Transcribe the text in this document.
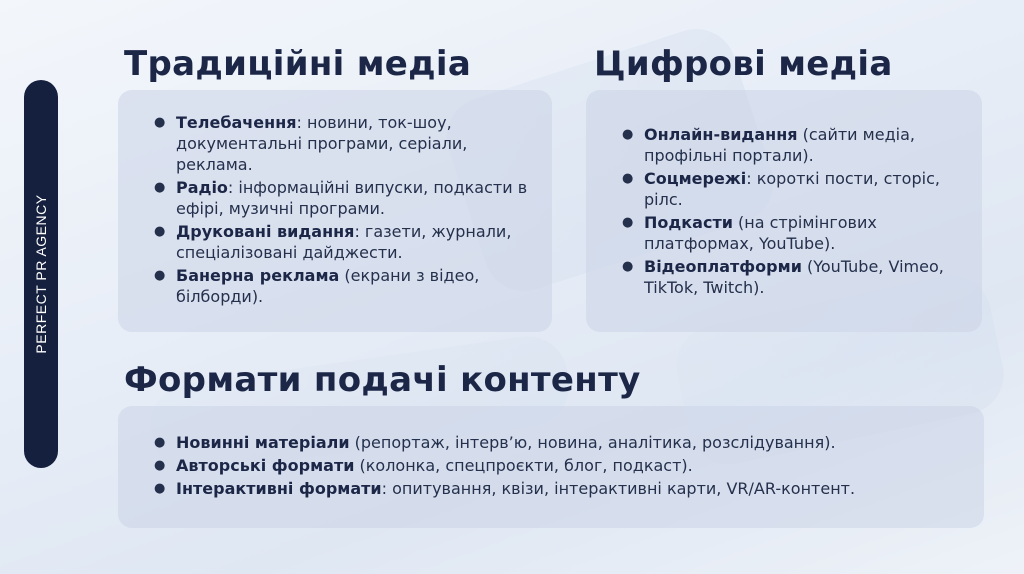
PERFECT PR AGENCY
Традиційні медіа
● Телебачення: новини, ток-шоу, документальні програми, серіали, реклама.
● Радіо: інформаційні випуски, подкасти в ефірі, музичні програми.
● Друковані видання: газети, журнали, спеціалізовані дайджести.
● Банерна реклама (екрани з відео, білборди).
Цифрові медіа
● Онлайн-видання (сайти медіа, профільні портали).
● Соцмережі: короткі пости, сторіс, рілс.
● Подкасти (на стрімінгових платформах, YouTube).
● Відеоплатформи (YouTube, Vimeo, TikTok, Twitch).
Формати подачі контенту
● Новинні матеріали (репортаж, інтерв’ю, новина, аналітика, розслідування).
● Авторські формати (колонка, спецпроєкти, блог, подкаст).
● Інтерактивні формати: опитування, квізи, інтерактивні карти, VR/AR-контент.
